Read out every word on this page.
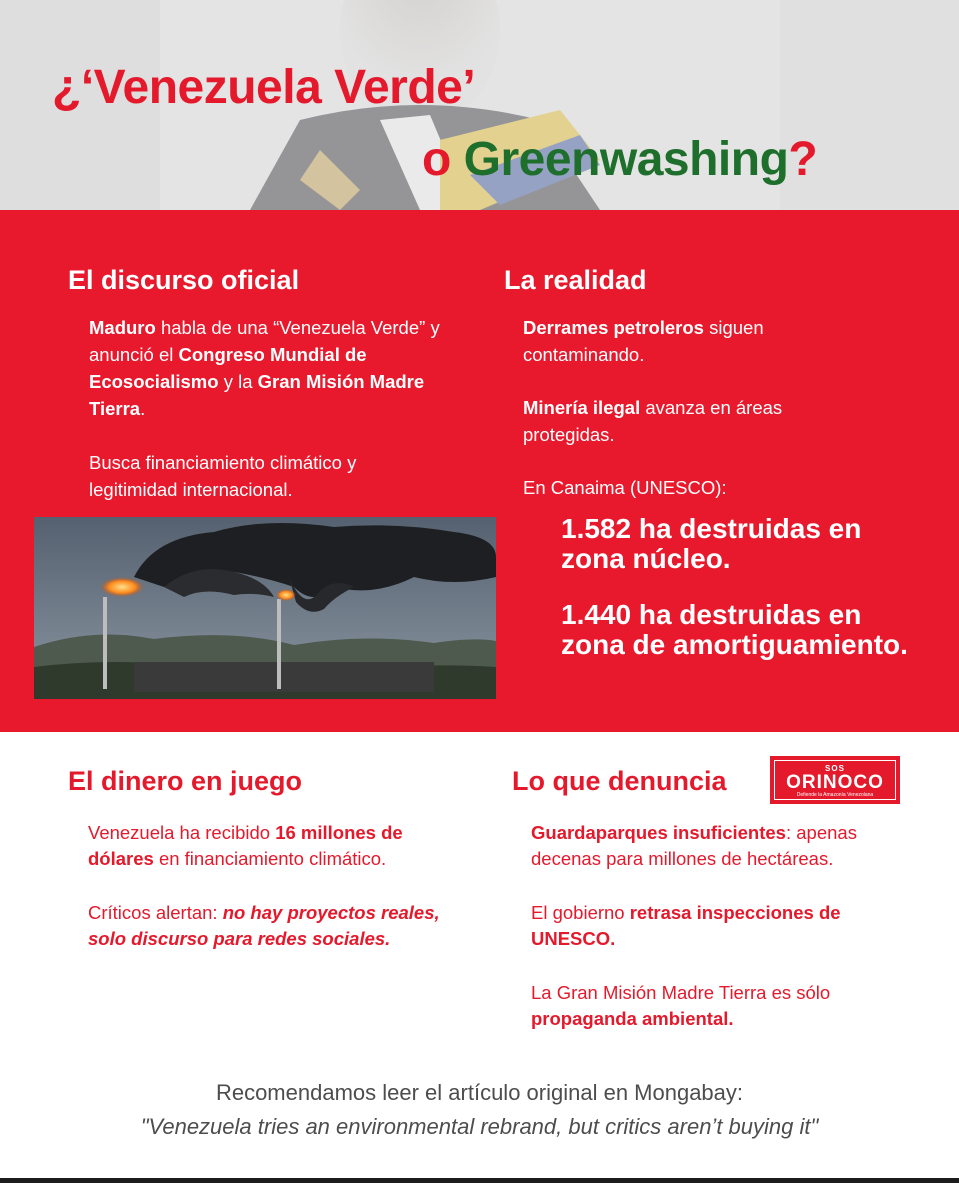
¿‘Venezuela Verde’
o Greenwashing?
El discurso oficial
Maduro habla de una “Venezuela Verde” y anunció el Congreso Mundial de Ecosocialismo y la Gran Misión Madre Tierra.
Busca financiamiento climático y legitimidad internacional.
La realidad
Derrames petroleros siguen contaminando.
Minería ilegal avanza en áreas protegidas.
En Canaima (UNESCO):
1.582 ha destruidas en zona núcleo.
1.440 ha destruidas en zona de amortiguamiento.
El dinero en juego
Venezuela ha recibido 16 millones de dólares en financiamiento climático.
Críticos alertan: no hay proyectos reales, solo discurso para redes sociales.
Lo que denuncia	SOS
ORINOCO
Defiende la Amazonía Venezolana
Guardaparques insuficientes: apenas decenas para millones de hectáreas.
El gobierno retrasa inspecciones de UNESCO.
La Gran Misión Madre Tierra es sólo propaganda ambiental.
Recomendamos leer el artículo original en Mongabay:
"Venezuela tries an environmental rebrand, but critics aren’t buying it"
